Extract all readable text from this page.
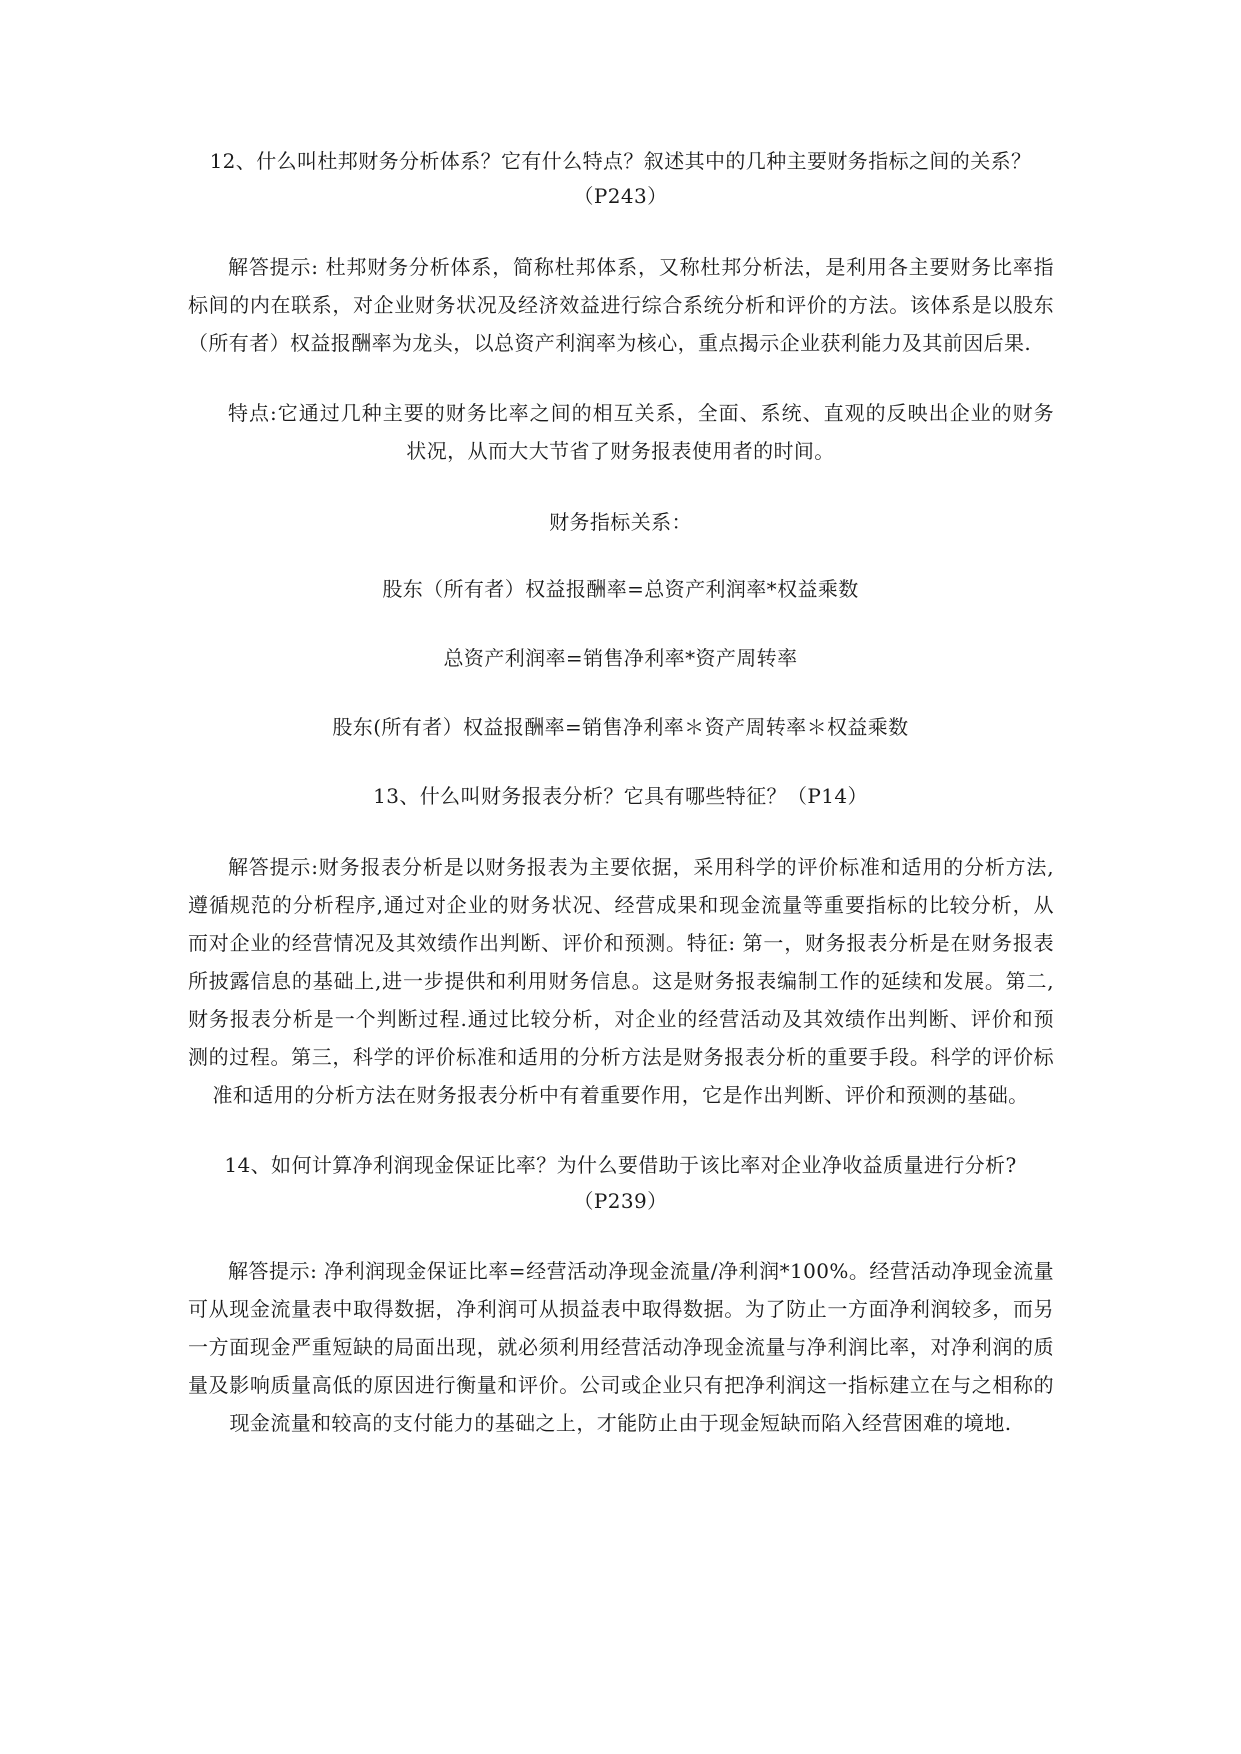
12、什么叫杜邦财务分析体系？它有什么特点？叙述其中的几种主要财务指标之间的关系？
（P243）
解答提示: 杜邦财务分析体系，简称杜邦体系，又称杜邦分析法，是利用各主要财务比率指
标间的内在联系，对企业财务状况及经济效益进行综合系统分析和评价的方法。该体系是以股东
（所有者）权益报酬率为龙头，以总资产利润率为核心，重点揭示企业获利能力及其前因后果.
特点:它通过几种主要的财务比率之间的相互关系，全面、系统、直观的反映出企业的财务
状况，从而大大节省了财务报表使用者的时间。
财务指标关系：
股东（所有者）权益报酬率=总资产利润率*权益乘数
总资产利润率=销售净利率*资产周转率
股东(所有者）权益报酬率=销售净利率＊资产周转率＊权益乘数
13、什么叫财务报表分析？它具有哪些特征？（P14）
解答提示:财务报表分析是以财务报表为主要依据，采用科学的评价标准和适用的分析方法,
遵循规范的分析程序,通过对企业的财务状况、经营成果和现金流量等重要指标的比较分析，从
而对企业的经营情况及其效绩作出判断、评价和预测。特征: 第一，财务报表分析是在财务报表
所披露信息的基础上,进一步提供和利用财务信息。这是财务报表编制工作的延续和发展。第二,
财务报表分析是一个判断过程.通过比较分析，对企业的经营活动及其效绩作出判断、评价和预
测的过程。第三，科学的评价标准和适用的分析方法是财务报表分析的重要手段。科学的评价标
准和适用的分析方法在财务报表分析中有着重要作用，它是作出判断、评价和预测的基础。
14、如何计算净利润现金保证比率？为什么要借助于该比率对企业净收益质量进行分析?
（P239）
解答提示: 净利润现金保证比率=经营活动净现金流量/净利润*100%。经营活动净现金流量
可从现金流量表中取得数据，净利润可从损益表中取得数据。为了防止一方面净利润较多，而另
一方面现金严重短缺的局面出现，就必须利用经营活动净现金流量与净利润比率，对净利润的质
量及影响质量高低的原因进行衡量和评价。公司或企业只有把净利润这一指标建立在与之相称的
现金流量和较高的支付能力的基础之上，才能防止由于现金短缺而陷入经营困难的境地.
